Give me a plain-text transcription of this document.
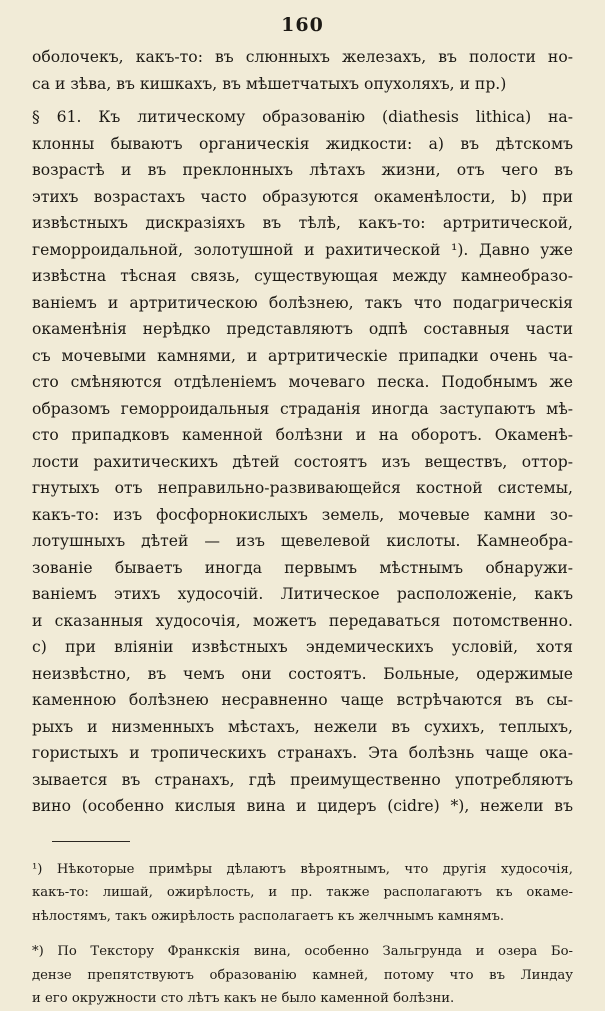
160
оболочекъ, какъ-то: въ слюнныхъ железахъ, въ полости но-
са и зѣва, въ кишкахъ, въ мѣшетчатыхъ опухоляхъ, и пр.)
§ 61. Къ литическому образованію (diathesis lithica) на-
клонны бываютъ органическія жидкости: a) въ дѣтскомъ
возрастѣ и въ преклонныхъ лѣтахъ жизни, отъ чего въ
этихъ возрастахъ часто образуются окаменѣлости, b) при
извѣстныхъ дискразіяхъ въ тѣлѣ, какъ-то: артритической,
геморроидальной, золотушной и рахитической ¹). Давно уже
извѣстна тѣсная связь, существующая между камнеобразо-
ваніемъ и артритическою болѣзнею, такъ что подагрическія
окаменѣнія нерѣдко представляютъ одпѣ составныя части
съ мочевыми камнями, и артритическіе припадки очень ча-
сто смѣняются отдѣленіемъ мочеваго песка. Подобнымъ же
образомъ геморроидальныя страданія иногда заступаютъ мѣ-
сто припадковъ каменной болѣзни и на оборотъ. Окаменѣ-
лости рахитическихъ дѣтей состоятъ изъ веществъ, оттор-
гнутыхъ отъ неправильно-развивающейся костной системы,
какъ-то: изъ фосфорнокислыхъ земель, мочевые камни зо-
лотушныхъ дѣтей — изъ щевелевой кислоты. Камнеобра-
зованіе бываетъ иногда первымъ мѣстнымъ обнаружи-
ваніемъ этихъ худосочій. Литическое расположеніе, какъ
и сказанныя худосочія, можетъ передаваться потомственно.
c) при вліяніи извѣстныхъ эндемическихъ условій, хотя
неизвѣстно, въ чемъ они состоятъ. Больные, одержимые
каменною болѣзнею несравненно чаще встрѣчаются въ сы-
рыхъ и низменныхъ мѣстахъ, нежели въ сухихъ, теплыхъ,
гористыхъ и тропическихъ странахъ. Эта болѣзнь чаще ока-
зывается въ странахъ, гдѣ преимущественно употребляютъ
вино (особенно кислыя вина и цидеръ (cidre) *), нежели въ
¹) Нѣкоторые примѣры дѣлаютъ вѣроятнымъ, что другія худосочія,
какъ-то: лишай, ожирѣлость, и пр. также располагаютъ къ окаме-
нѣлостямъ, такъ ожирѣлость располагаетъ къ желчнымъ камнямъ.
*) По Текстору Франкскія вина, особенно Зальгрунда и озера Бо-
дензе препятствуютъ образованію камней, потому что въ Линдау
и его окружности сто лѣтъ какъ не было каменной болѣзни.
